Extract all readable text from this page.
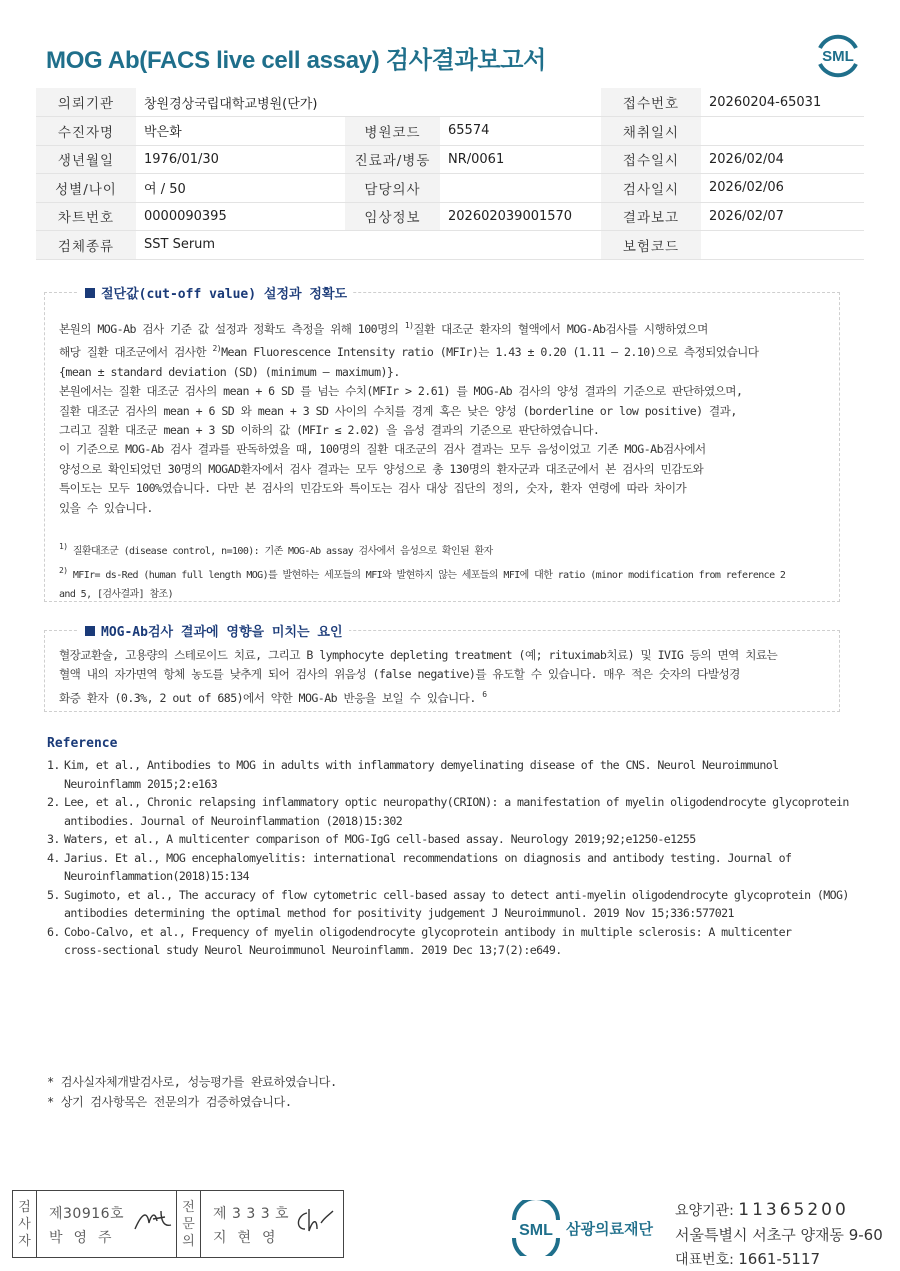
MOG Ab(FACS live cell assay) 검사결과보고서	SML
의뢰기관	창원경상국립대학교병원(단가)			접수번호	20260204-65031
수진자명	박은화	병원코드	65574	채취일시	
생년월일	1976/01/30	진료과/병동	NR/0061	접수일시	2026/02/04
성별/나이	여 / 50	담당의사		검사일시	2026/02/06
차트번호	0000090395	임상정보	202602039001570	결과보고	2026/02/07
검체종류	SST Serum			보험코드	
절단값(cut-off value) 설정과 정확도
본원의 MOG-Ab 검사 기준 값 설정과 정확도 측정을 위해 100명의 $^{1)}$질환 대조군 환자의 혈액에서 MOG-Ab검사를 시행하였으며
해당 질환 대조군에서 검사한 $^{2)}$Mean Fluorescence Intensity ratio (MFIr)는 1.43 ± 0.20 (1.11 – 2.10)으로 측정되었습니다
{mean ± standard deviation (SD) (minimum – maximum)}.
본원에서는 질환 대조군 검사의 mean + 6 SD 를 넘는 수치(MFIr > 2.61) 를 MOG-Ab 검사의 양성 결과의 기준으로 판단하였으며,
질환 대조군 검사의 mean + 6 SD 와 mean + 3 SD 사이의 수치를 경계 혹은 낮은 양성 (borderline or low positive) 결과,
그리고 질환 대조군 mean + 3 SD 이하의 값 (MFIr ≤ 2.02) 을 음성 결과의 기준으로 판단하였습니다.
이 기준으로 MOG-Ab 검사 결과를 판독하였을 때, 100명의 질환 대조군의 검사 결과는 모두 음성이었고 기존 MOG-Ab검사에서
양성으로 확인되었던 30명의 MOGAD환자에서 검사 결과는 모두 양성으로 총 130명의 환자군과 대조군에서 본 검사의 민감도와
특이도는 모두 100%였습니다. 다만 본 검사의 민감도와 특이도는 검사 대상 집단의 정의, 숫자, 환자 연령에 따라 차이가
있을 수 있습니다.
$^{1)}$ 질환대조군 (disease control, n=100): 기존 MOG-Ab assay 검사에서 음성으로 확인된 환자
$^{2)}$ MFIr= ds-Red (human full length MOG)를 발현하는 세포들의 MFI와 발현하지 않는 세포들의 MFI에 대한 ratio (minor modification from reference 2
and 5, [검사결과] 참조)
MOG-Ab검사 결과에 영향을 미치는 요인
혈장교환술, 고용량의 스테로이드 치료, 그리고 B lymphocyte depleting treatment (예; rituximab치료) 및 IVIG 등의 면역 치료는
혈액 내의 자가면역 항체 농도를 낮추게 되어 검사의 위음성 (false negative)를 유도할 수 있습니다. 매우 적은 숫자의 다발성경
화증 환자 (0.3%, 2 out of 685)에서 약한 MOG-Ab 반응을 보일 수 있습니다. $^6$
Reference
1. Kim, et al., Antibodies to MOG in adults with inflammatory demyelinating disease of the CNS. Neurol Neuroimmunol
Neuroinflamm 2015;2:e163
2. Lee, et al., Chronic relapsing inflammatory optic neuropathy(CRION): a manifestation of myelin oligodendrocyte glycoprotein
antibodies. Journal of Neuroinflammation (2018)15:302
3. Waters, et al., A multicenter comparison of MOG-IgG cell-based assay. Neurology 2019;92;e1250-e1255
4. Jarius. Et al., MOG encephalomyelitis: international recommendations on diagnosis and antibody testing. Journal of
Neuroinflammation(2018)15:134
5. Sugimoto, et al., The accuracy of flow cytometric cell-based assay to detect anti-myelin oligodendrocyte glycoprotein (MOG)
antibodies determining the optimal method for positivity judgement J Neuroimmunol. 2019 Nov 15;336:577021
6. Cobo-Calvo, et al., Frequency of myelin oligodendrocyte glycoprotein antibody in multiple sclerosis: A multicenter
cross-sectional study Neurol Neuroimmunol Neuroinflamm. 2019 Dec 13;7(2):e649.
* 검사실자체개발검사로, 성능평가를 완료하였습니다.
* 상기 검사항목은 전문의가 검증하였습니다.
검
사
자
제30916호
박영주
전
문
의
제 3 3 3 호
지현영	SML 삼광의료재단
요양기관: 11365200
서울특별시 서초구 양재동 9-60
대표번호: 1661-5117
